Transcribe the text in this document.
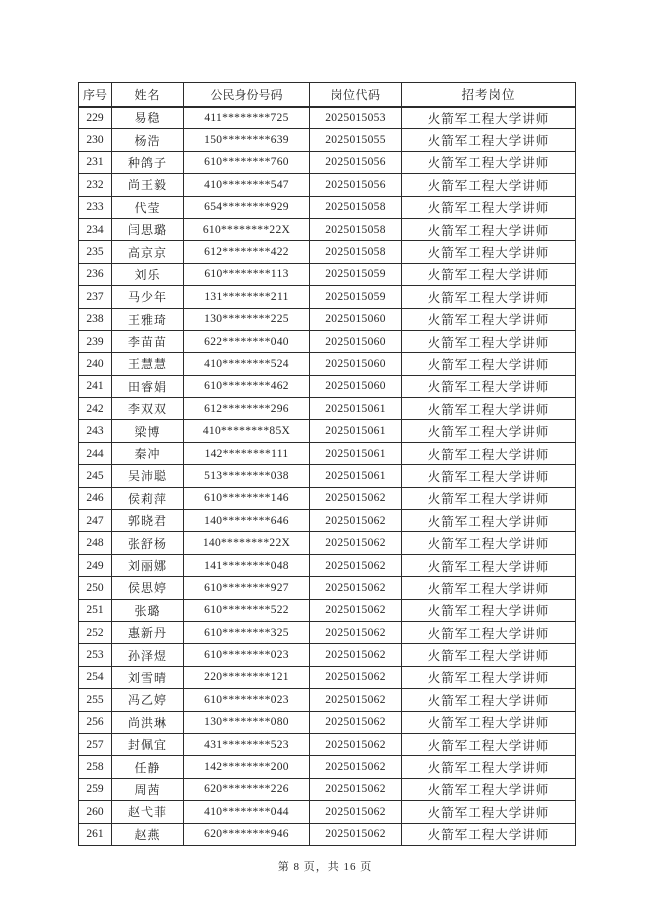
序号	姓名	公民身份号码	岗位代码	招考岗位
229	易稳	411********725	2025015053	火箭军工程大学讲师
230	杨浩	150********639	2025015055	火箭军工程大学讲师
231	种鸽子	610********760	2025015056	火箭军工程大学讲师
232	尚王毅	410********547	2025015056	火箭军工程大学讲师
233	代莹	654********929	2025015058	火箭军工程大学讲师
234	闫思璐	610********22X	2025015058	火箭军工程大学讲师
235	高京京	612********422	2025015058	火箭军工程大学讲师
236	刘乐	610********113	2025015059	火箭军工程大学讲师
237	马少年	131********211	2025015059	火箭军工程大学讲师
238	王雅琦	130********225	2025015060	火箭军工程大学讲师
239	李苗苗	622********040	2025015060	火箭军工程大学讲师
240	王慧慧	410********524	2025015060	火箭军工程大学讲师
241	田睿娟	610********462	2025015060	火箭军工程大学讲师
242	李双双	612********296	2025015061	火箭军工程大学讲师
243	梁博	410********85X	2025015061	火箭军工程大学讲师
244	秦冲	142********111	2025015061	火箭军工程大学讲师
245	吴沛聪	513********038	2025015061	火箭军工程大学讲师
246	侯莉萍	610********146	2025015062	火箭军工程大学讲师
247	郭晓君	140********646	2025015062	火箭军工程大学讲师
248	张舒杨	140********22X	2025015062	火箭军工程大学讲师
249	刘丽娜	141********048	2025015062	火箭军工程大学讲师
250	侯思婷	610********927	2025015062	火箭军工程大学讲师
251	张璐	610********522	2025015062	火箭军工程大学讲师
252	惠新丹	610********325	2025015062	火箭军工程大学讲师
253	孙泽煜	610********023	2025015062	火箭军工程大学讲师
254	刘雪晴	220********121	2025015062	火箭军工程大学讲师
255	冯乙婷	610********023	2025015062	火箭军工程大学讲师
256	尚洪琳	130********080	2025015062	火箭军工程大学讲师
257	封佩宜	431********523	2025015062	火箭军工程大学讲师
258	任静	142********200	2025015062	火箭军工程大学讲师
259	周茜	620********226	2025015062	火箭军工程大学讲师
260	赵弋菲	410********044	2025015062	火箭军工程大学讲师
261	赵燕	620********946	2025015062	火箭军工程大学讲师
第 8 页，共 16 页
